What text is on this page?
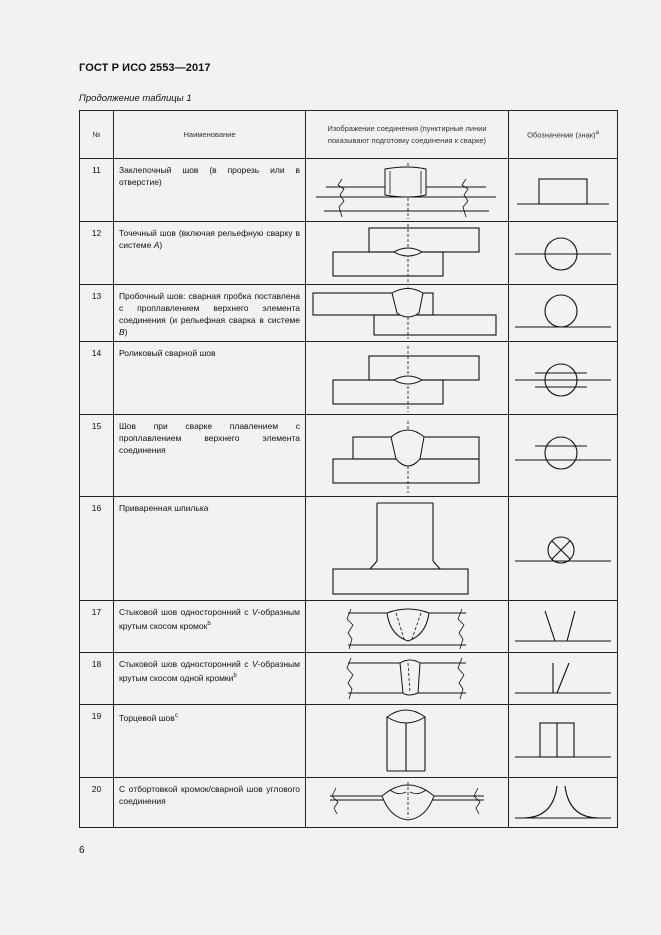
ГОСТ Р ИСО 2553—2017
Продолжение таблицы 1
№	Наименование	Изображение соединения (пунктирные линии показывают подготовку соединения к сварке)	Обозначение (знак)$^a$

11	Заклепочный шов (в прорезь или в отверстие)	

12	Точечный шов (включая рельефную сварку в системе A)	

13	Пробочный шов: сварная пробка поставлена с проплавлением верхнего элемента соединения (и рельефная сварка в системе B)	

14	Роликовый сварной шов	

15	Шов при сварке плавлением с проплавлением верхнего элемента соединения	

16	Приваренная шпилька	

17	Стыковой шов односторонний с V-образным крутым скосом кромок$^b$	

18	Стыковой шов односторонний с V-образным крутым скосом одной кромки$^b$	

19	Торцевой шов$^c$	

20	С отбортовкой кромок/сварной шов углового соединения	

6
